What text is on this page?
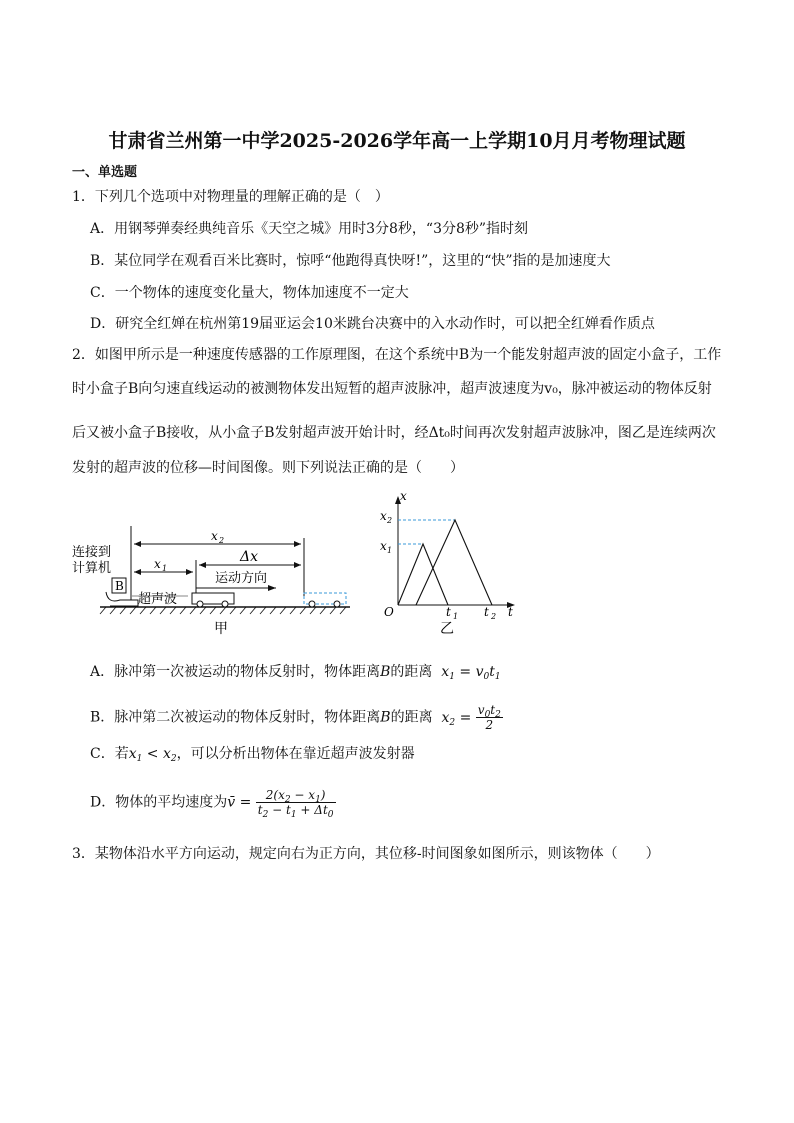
甘肃省兰州第一中学2025-2026学年高一上学期10月月考物理试题
一、单选题
1．下列几个选项中对物理量的理解正确的是（　）
A．用钢琴弹奏经典纯音乐《天空之城》用时3分8秒，“3分8秒”指时刻
B．某位同学在观看百米比赛时，惊呼“他跑得真快呀!”，这里的“快”指的是加速度大
C．一个物体的速度变化量大，物体加速度不一定大
D．研究全红婵在杭州第19届亚运会10米跳台决赛中的入水动作时，可以把全红婵看作质点
2．如图甲所示是一种速度传感器的工作原理图，在这个系统中B为一个能发射超声波的固定小盒子，工作
时小盒子B向匀速直线运动的被测物体发出短暂的超声波脉冲，超声波速度为v₀，脉冲被运动的物体反射
后又被小盒子B接收，从小盒子B发射超声波开始计时，经Δt₀时间再次发射超声波脉冲，图乙是连续两次
发射的超声波的位移—时间图像。则下列说法正确的是（　　）
连接到
计算机
B
x 2
Δx
x 1
运动方向
超声波
甲
x
t
O
x 2
x 1
t 1 t 2
乙
A．脉冲第一次被运动的物体反射时，物体距离B的距离  $x_1 = v_0t_1$
B．脉冲第二次被运动的物体反射时，物体距离B的距离  $x_2 = \frac{v_0t_2}{2}$
C．若$x_1 < x_2$，可以分析出物体在靠近超声波发射器
D．物体的平均速度为v̄ = $\frac{2(x_2 - x_1)}{t_2 - t_1 + \Delta t_0}$
3．某物体沿水平方向运动，规定向右为正方向，其位移-时间图象如图所示，则该物体（　　）
